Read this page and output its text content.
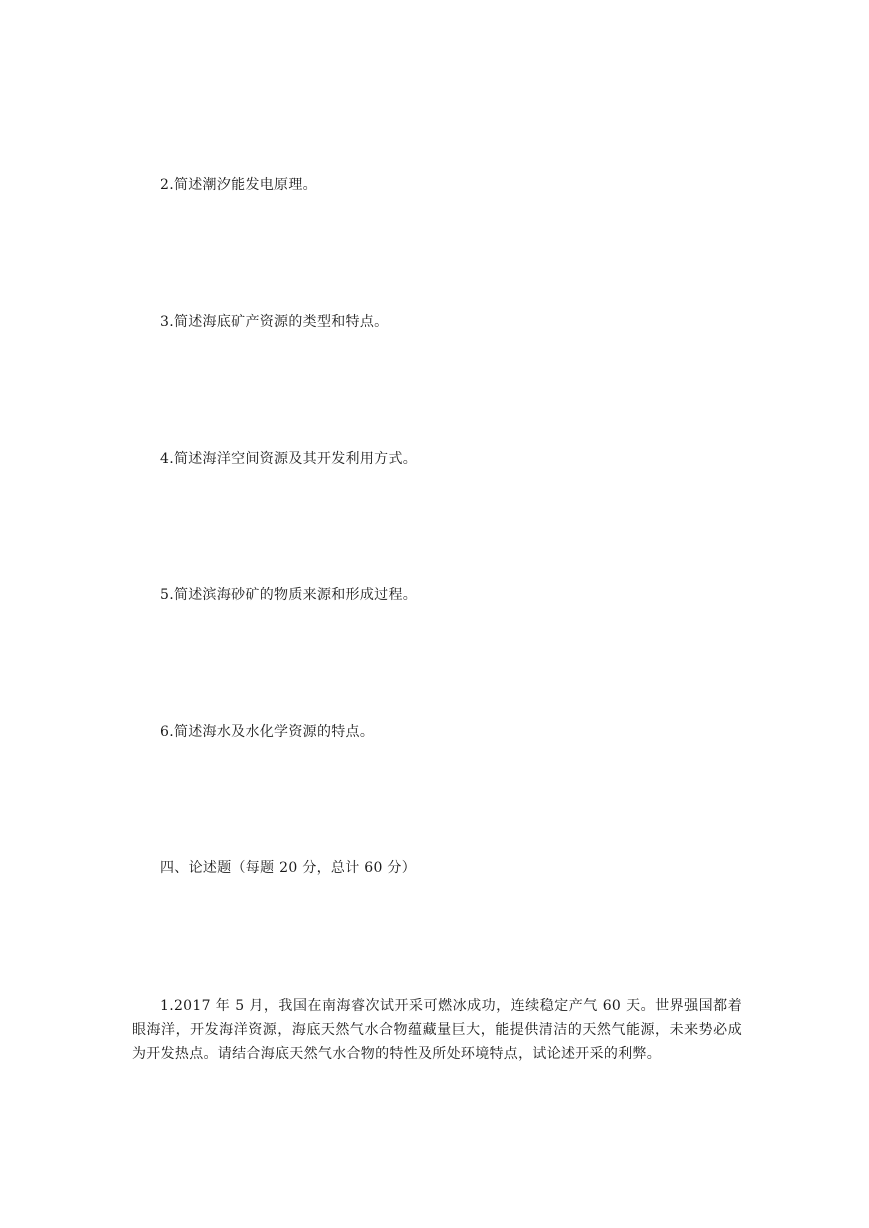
2.简述潮汐能发电原理。
3.简述海底矿产资源的类型和特点。
4.简述海洋空间资源及其开发利用方式。
5.简述滨海砂矿的物质来源和形成过程。
6.简述海水及水化学资源的特点。
四、论述题（每题 20 分，总计 60 分）
1.2017 年 5 月，我国在南海睿次试开采可燃冰成功，连续稳定产气 60 天。世界强国都着眼海洋，开发海洋资源，海底天然气水合物蕴藏量巨大，能提供清洁的天然气能源，未来势必成为开发热点。请结合海底天然气水合物的特性及所处环境特点，试论述开采的利弊。
